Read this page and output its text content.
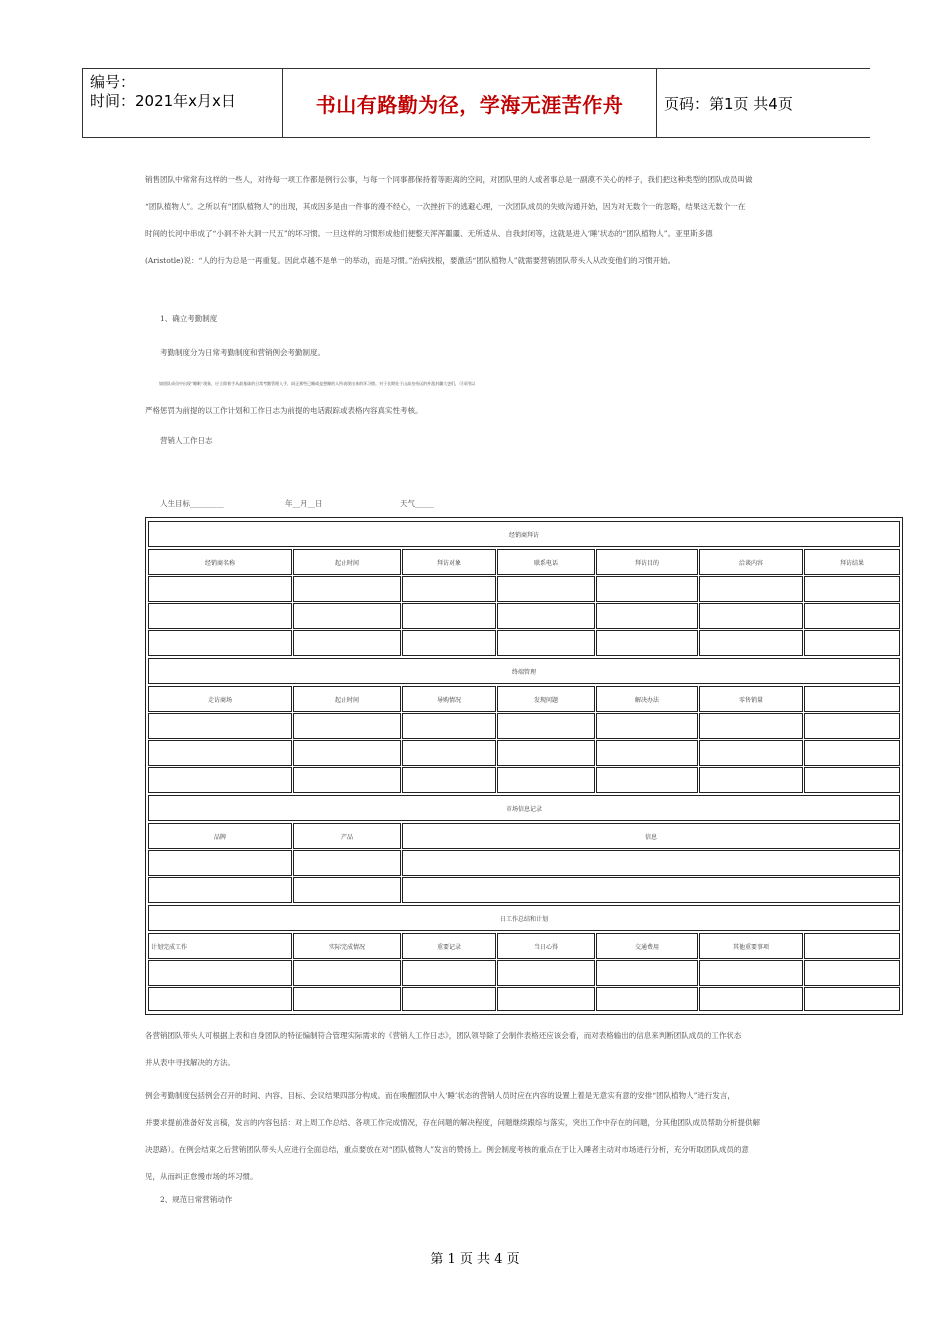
编号：
时间：2021年x月x日	书山有路勤为径，学海无涯苦作舟	页码：第1页 共4页
销售团队中常常有这样的一些人，对待每一项工作都是例行公事，与每一个同事都保持着等距离的空间，对团队里的人或者事总是一副漠不关心的样子，我们把这种类型的团队成员叫做
“团队植物人”。之所以有“团队植物人”的出现，其成因多是由一件事的漫不经心，一次挫折下的逃避心理，一次团队成员的失败沟通开始，因为对无数个一的忽略，结果这无数个一在
时间的长河中串成了“小洞不补大洞一尺五”的坏习惯。一旦这样的习惯形成他们便整天浑浑噩噩、无所适从、自我封闭等，这就是进入‘睡’状态的“团队植物人”。亚里斯多德
(Aristotle)说：“人的行为总是一再重复。因此卓越不是单一的举动，而是习惯。”治病找根，要激活“团队植物人”就需要营销团队带头人从改变他们的习惯开始。
1、确立考勤制度
考勤制度分为日常考勤制度和营销例会考勤制度。
如团队成员中出现“睡眠”现象，应立即着手从最基础的日常考勤管理入手，纠正那些已睡或是想睡的人所表现出来的坏习惯。对于长期处于山高皇帝远的外派封疆大吏们，可采用以
严格惩罚为前提的以工作计划和工作日志为前提的电话跟踪或表格内容真实性考核。
营销人工作日志
人生目标_________	年__月__日	天气_____
经销商拜访
经销商名称	起止时间	拜访对象	联系电话	拜访目的	洽谈内容	拜访结果
终端管理
走访商场	起止时间	导购情况	发现问题	解决办法	零售销量
市场信息记录
品牌	产品	信息
日工作总结和计划
计划完成工作	实际完成情况	重要记录	当日心得	交通费用	其他重要事项
各营销团队带头人可根据上表和自身团队的特征编制符合管理实际需求的《营销人工作日志》，团队领导除了会制作表格还应该会看，而对表格输出的信息来判断团队成员的工作状态
并从表中寻找解决的方法。
例会考勤制度包括例会召开的时间、内容、目标、会议结果四部分构成。而在唤醒团队中入‘睡’状态的营销人员时应在内容的设置上着是无意实有意的安排“团队植物人”进行发言，
并要求提前准备好发言稿，发言的内容包括：对上周工作总结、各项工作完成情况，存在问题的解决程度，问题继续跟综与落实，突出工作中存在的问题，分其他团队成员帮助分析提供解
决思路）。在例会结束之后营销团队带头人应进行全面总结，重点要放在对“团队植物人”发言的赞扬上。例会制度考核的重点在于让入睡者主动对市场进行分析，充分听取团队成员的意
见，从而纠正怠慢市场的坏习惯。
2、规范日常营销动作
第 1 页 共 4 页
